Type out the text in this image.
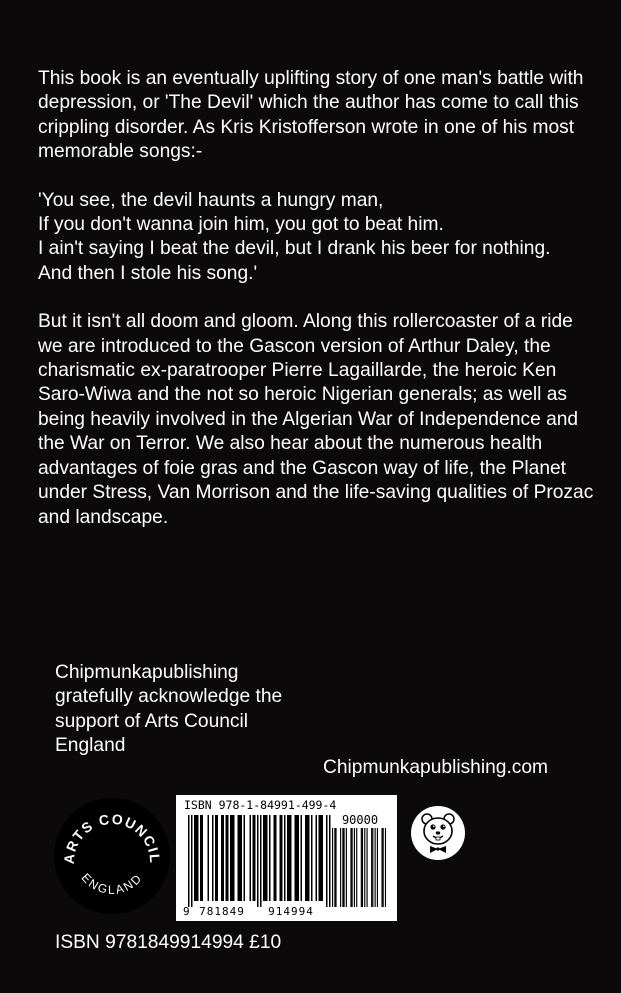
This book is an eventually uplifting story of one man's battle with depression, or 'The Devil' which the author has come to call this crippling disorder. As Kris Kristofferson wrote in one of his most memorable songs:-

'You see, the devil haunts a hungry man,
If you don't wanna join him, you got to beat him.
I ain't saying I beat the devil, but I drank his beer for nothing.
And then I stole his song.'

But it isn't all doom and gloom. Along this rollercoaster of a ride we are introduced to the Gascon version of Arthur Daley, the charismatic ex-paratrooper Pierre Lagaillarde, the heroic Ken Saro-Wiwa and the not so heroic Nigerian generals; as well as being heavily involved in the Algerian War of Independence and the War on Terror. We also hear about the numerous health advantages of foie gras and the Gascon way of life, the Planet under Stress, Van Morrison and the life-saving qualities of Prozac and landscape.

Chipmunkapublishing
gratefully acknowledge the
support of Arts Council
England
Chipmunkapublishing.com
ARTS COUNCIL
ENGLAND
ISBN 978-1-84991-499-4
90000
9 781849 914994
ISBN 9781849914994 £10
